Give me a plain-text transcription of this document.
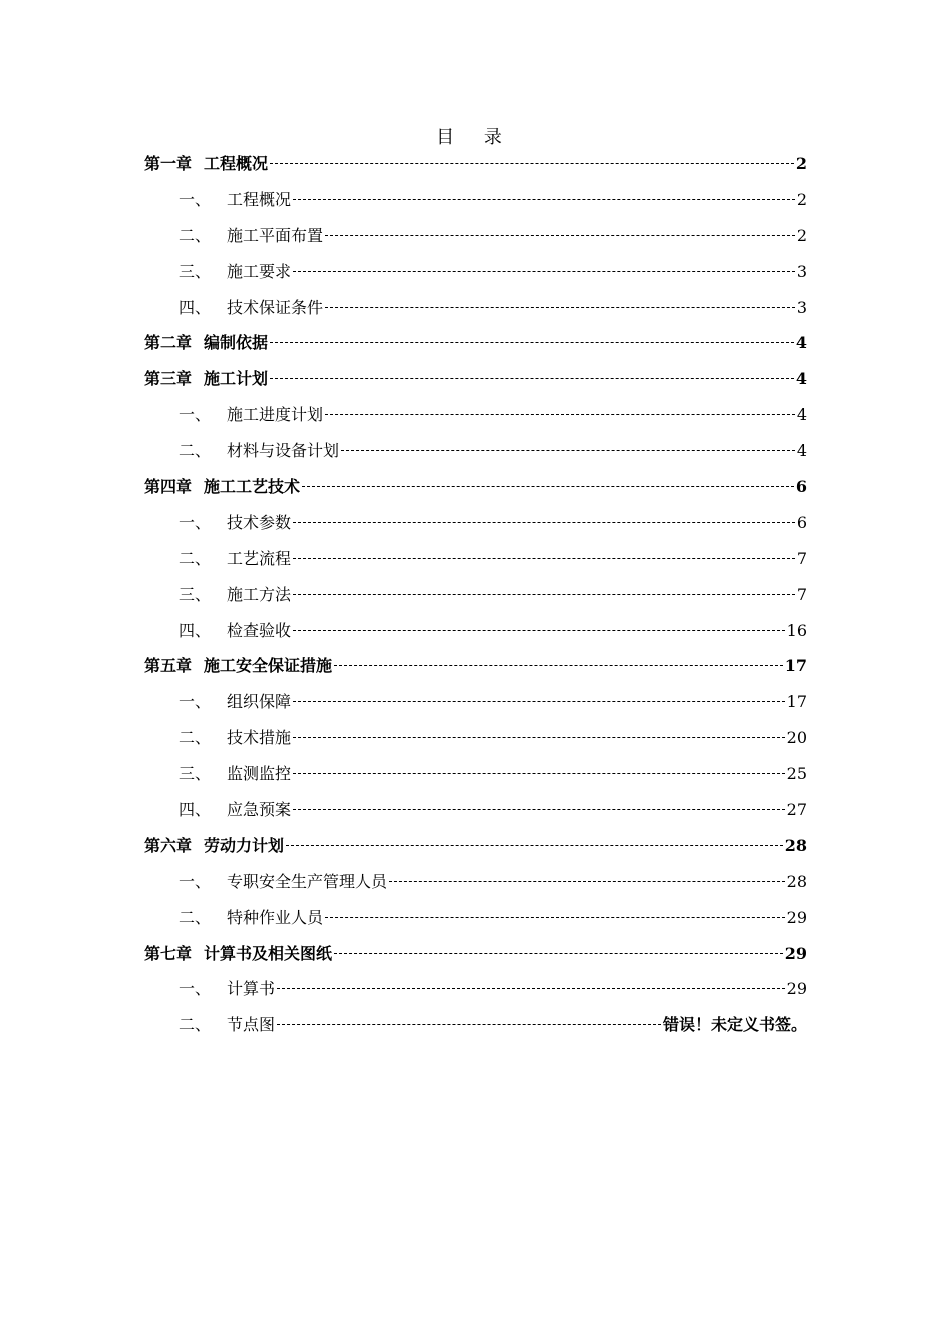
目 录
第一章 工程概况	2
一、 工程概况	2
二、 施工平面布置	2
三、 施工要求	3
四、 技术保证条件	3
第二章 编制依据	4
第三章 施工计划	4
一、 施工进度计划	4
二、 材料与设备计划	4
第四章 施工工艺技术	6
一、 技术参数	6
二、 工艺流程	7
三、 施工方法	7
四、 检查验收	16
第五章 施工安全保证措施	17
一、 组织保障	17
二、 技术措施	20
三、 监测监控	25
四、 应急预案	27
第六章 劳动力计划	28
一、 专职安全生产管理人员	28
二、 特种作业人员	29
第七章 计算书及相关图纸	29
一、 计算书	29
二、 节点图	错误！未定义书签。
